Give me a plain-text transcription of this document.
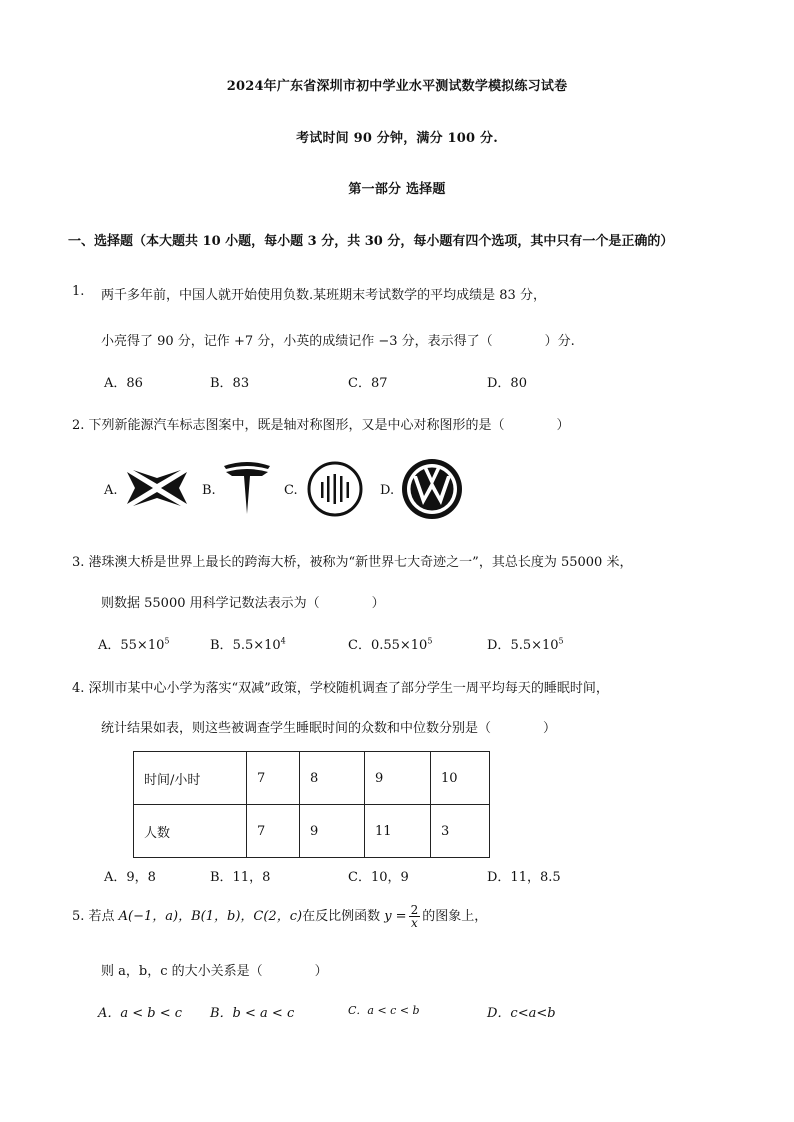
2024年广东省深圳市初中学业水平测试数学模拟练习试卷
考试时间 90 分钟，满分 100 分.
第一部分 选择题
一、选择题（本大题共 10 小题，每小题 3 分，共 30 分，每小题有四个选项，其中只有一个是正确的）
1. 两千多年前，中国人就开始使用负数.某班期末考试数学的平均成绩是 83 分，
小亮得了 90 分，记作 +7 分，小英的成绩记作 −3 分，表示得了（　　　　）分.
A．86	B．83	C．87	D．80
2. 下列新能源汽车标志图案中，既是轴对称图形，又是中心对称图形的是（　　　　）
A.	B.	C.	D.
3. 港珠澳大桥是世界上最长的跨海大桥，被称为“新世界七大奇迹之一”，其总长度为 55000 米，
则数据 55000 用科学记数法表示为（　　　　）
A．$55\times 10^5$	B．$5.5\times 10^4$	C．$0.55\times 10^5$	D．$5.5\times 10^5$
4. 深圳市某中心小学为落实“双减”政策，学校随机调查了部分学生一周平均每天的睡眠时间，
统计结果如表，则这些被调查学生睡眠时间的众数和中位数分别是（　　　　）
时间/小时	7	8	9	10
人数	7	9	11	3
A．9，8	B．11，8	C．10，9	D．11，8.5
5. 若点 A(−1，a)，B(1，b)，C(2，c)在反比例函数 $y = \frac{2}{x}$ 的图象上，
则 a，b，c 的大小关系是（　　　　）
A．a < b < c B．b < a < c	C．a < c < b	D．c<a<b
